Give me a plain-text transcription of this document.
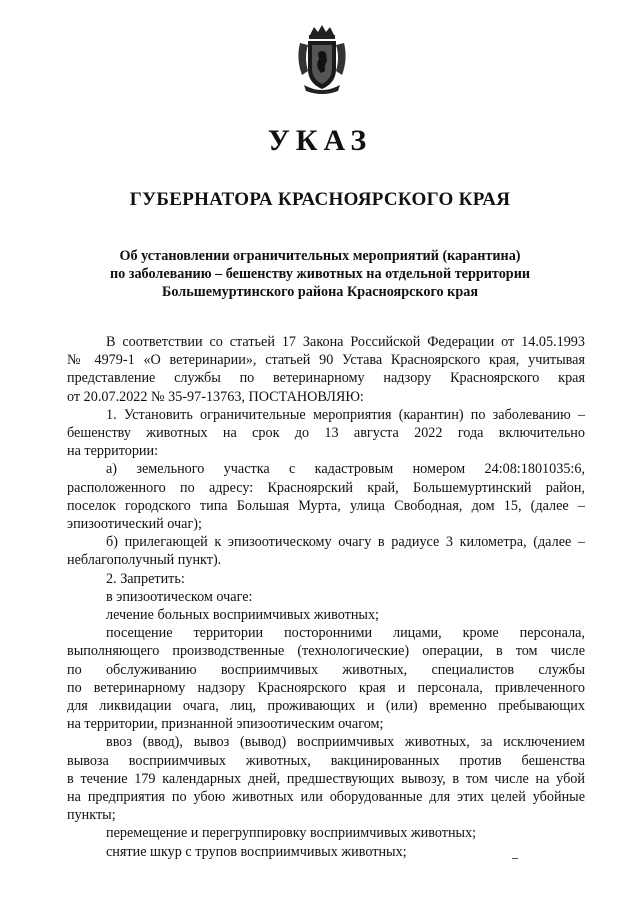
УКАЗ
ГУБЕРНАТОРА КРАСНОЯРСКОГО КРАЯ
Об установлении ограничительных мероприятий (карантина)
по заболеванию – бешенству животных на отдельной территории
Большемуртинского района Красноярского края
В соответствии со статьей 17 Закона Российской Федерации от 14.05.1993
№ 4979-1 «О ветеринарии», статьей 90 Устава Красноярского края, учитывая
представление службы по ветеринарному надзору Красноярского края
от 20.07.2022 № 35-97-13763, ПОСТАНОВЛЯЮ:
1. Установить ограничительные мероприятия (карантин) по заболеванию –
бешенству животных на срок до 13 августа 2022 года включительно
на территории:
а) земельного участка с кадастровым номером 24:08:1801035:6,
расположенного по адресу: Красноярский край, Большемуртинский район,
поселок городского типа Большая Мурта, улица Свободная, дом 15, (далее –
эпизоотический очаг);
б) прилегающей к эпизоотическому очагу в радиусе 3 километра, (далее –
неблагополучный пункт).
2. Запретить:
в эпизоотическом очаге:
лечение больных восприимчивых животных;
посещение территории посторонними лицами, кроме персонала,
выполняющего производственные (технологические) операции, в том числе
по обслуживанию восприимчивых животных, специалистов службы
по ветеринарному надзору Красноярского края и персонала, привлеченного
для ликвидации очага, лиц, проживающих и (или) временно пребывающих
на территории, признанной эпизоотическим очагом;
ввоз (ввод), вывоз (вывод) восприимчивых животных, за исключением
вывоза восприимчивых животных, вакцинированных против бешенства
в течение 179 календарных дней, предшествующих вывозу, в том числе на убой
на предприятия по убою животных или оборудованные для этих целей убойные
пункты;
перемещение и перегруппировку восприимчивых животных;
снятие шкур с трупов восприимчивых животных;
